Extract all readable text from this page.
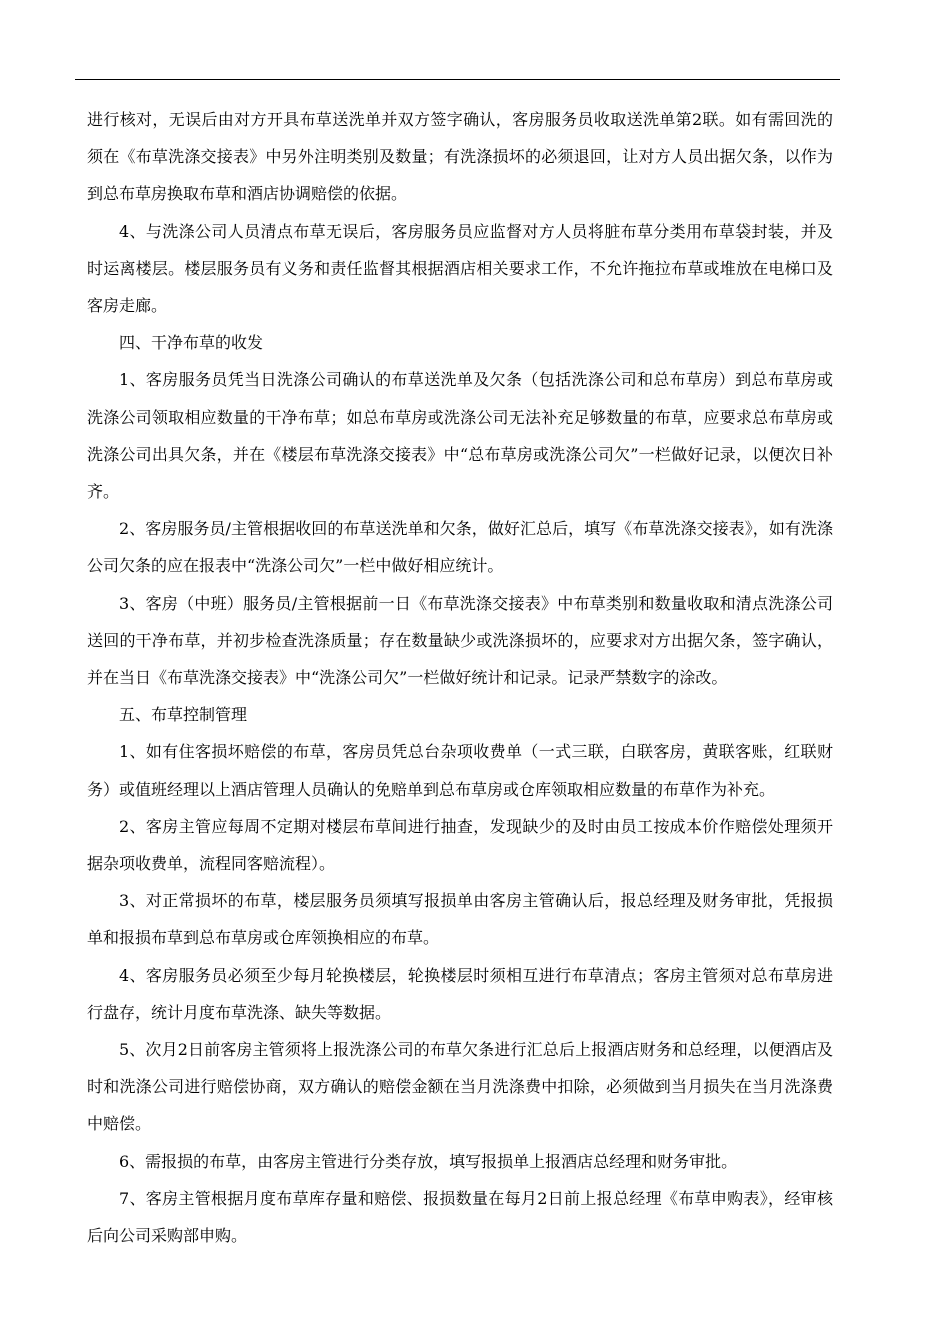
进行核对，无误后由对方开具布草送洗单并双方签字确认，客房服务员收取送洗单第2联。如有需回洗的须在《布草洗涤交接表》中另外注明类别及数量；有洗涤损坏的必须退回，让对方人员出据欠条，以作为到总布草房换取布草和酒店协调赔偿的依据。

4、与洗涤公司人员清点布草无误后，客房服务员应监督对方人员将脏布草分类用布草袋封装，并及时运离楼层。楼层服务员有义务和责任监督其根据酒店相关要求工作，不允许拖拉布草或堆放在电梯口及客房走廊。

四、干净布草的收发

1、客房服务员凭当日洗涤公司确认的布草送洗单及欠条（包括洗涤公司和总布草房）到总布草房或洗涤公司领取相应数量的干净布草；如总布草房或洗涤公司无法补充足够数量的布草，应要求总布草房或洗涤公司出具欠条，并在《楼层布草洗涤交接表》中“总布草房或洗涤公司欠”一栏做好记录，以便次日补齐。

2、客房服务员/主管根据收回的布草送洗单和欠条，做好汇总后，填写《布草洗涤交接表》，如有洗涤公司欠条的应在报表中“洗涤公司欠”一栏中做好相应统计。

3、客房（中班）服务员/主管根据前一日《布草洗涤交接表》中布草类别和数量收取和清点洗涤公司送回的干净布草，并初步检查洗涤质量；存在数量缺少或洗涤损坏的，应要求对方出据欠条，签字确认，并在当日《布草洗涤交接表》中“洗涤公司欠”一栏做好统计和记录。记录严禁数字的涂改。

五、布草控制管理

1、如有住客损坏赔偿的布草，客房员凭总台杂项收费单（一式三联，白联客房，黄联客账，红联财务）或值班经理以上酒店管理人员确认的免赔单到总布草房或仓库领取相应数量的布草作为补充。

2、客房主管应每周不定期对楼层布草间进行抽查，发现缺少的及时由员工按成本价作赔偿处理须开据杂项收费单，流程同客赔流程）。

3、对正常损坏的布草，楼层服务员须填写报损单由客房主管确认后，报总经理及财务审批，凭报损单和报损布草到总布草房或仓库领换相应的布草。

4、客房服务员必须至少每月轮换楼层，轮换楼层时须相互进行布草清点；客房主管须对总布草房进行盘存，统计月度布草洗涤、缺失等数据。

5、次月2日前客房主管须将上报洗涤公司的布草欠条进行汇总后上报酒店财务和总经理，以便酒店及时和洗涤公司进行赔偿协商，双方确认的赔偿金额在当月洗涤费中扣除，必须做到当月损失在当月洗涤费中赔偿。

6、需报损的布草，由客房主管进行分类存放，填写报损单上报酒店总经理和财务审批。

7、客房主管根据月度布草库存量和赔偿、报损数量在每月2日前上报总经理《布草申购表》，经审核后向公司采购部申购。
